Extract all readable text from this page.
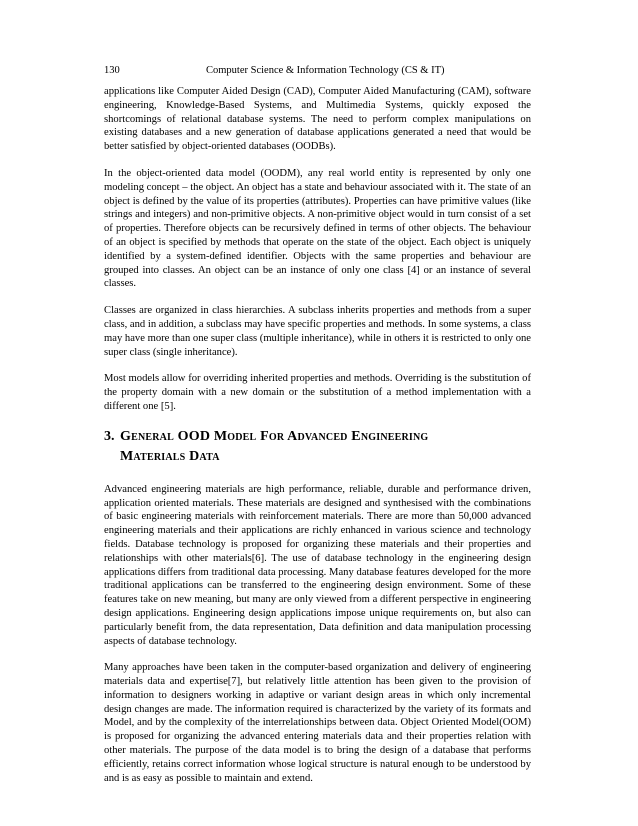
130	Computer Science & Information Technology (CS & IT)

applications like Computer Aided Design (CAD), Computer Aided Manufacturing (CAM), software engineering, Knowledge-Based Systems, and Multimedia Systems, quickly exposed the shortcomings of relational database systems. The need to perform complex manipulations on existing databases and a new generation of database applications generated a need that would be better satisfied by object-oriented databases (OODBs).

In the object-oriented data model (OODM), any real world entity is represented by only one modeling concept – the object. An object has a state and behaviour associated with it. The state of an object is defined by the value of its properties (attributes). Properties can have primitive values (like strings and integers) and non-primitive objects. A non-primitive object would in turn consist of a set of properties. Therefore objects can be recursively defined in terms of other objects. The behaviour of an object is specified by methods that operate on the state of the object. Each object is uniquely identified by a system-defined identifier. Objects with the same properties and behaviour are grouped into classes. An object can be an instance of only one class [4] or an instance of several classes.

Classes are organized in class hierarchies. A subclass inherits properties and methods from a super class, and in addition, a subclass may have specific properties and methods. In some systems, a class may have more than one super class (multiple inheritance), while in others it is restricted to only one super class (single inheritance).

Most models allow for overriding inherited properties and methods. Overriding is the substitution of the property domain with a new domain or the substitution of a method implementation with a different one [5].

3. General OOD Model For Advanced Engineering Materials Data

Advanced engineering materials are high performance, reliable, durable and performance driven, application oriented materials. These materials are designed and synthesised with the combinations of basic engineering materials with reinforcement materials. There are more than 50,000 advanced engineering materials and their applications are richly enhanced in various science and technology fields. Database technology is proposed for organizing these materials and their properties and relationships with other materials[6]. The use of database technology in the engineering design applications differs from traditional data processing. Many database features developed for the more traditional applications can be transferred to the engineering design environment. Some of these features take on new meaning, but many are only viewed from a different perspective in engineering design applications. Engineering design applications impose unique requirements on, but also can particularly benefit from, the data representation, Data definition and data manipulation processing aspects of database technology.

Many approaches have been taken in the computer-based organization and delivery of engineering materials data and expertise[7], but relatively little attention has been given to the provision of information to designers working in adaptive or variant design areas in which only incremental design changes are made. The information required is characterized by the variety of its formats and Model, and by the complexity of the interrelationships between data. Object Oriented Model(OOM) is proposed for organizing the advanced entering materials data and their properties relation with other materials. The purpose of the data model is to bring the design of a database that performs efficiently, retains correct information whose logical structure is natural enough to be understood by and is as easy as possible to maintain and extend.
